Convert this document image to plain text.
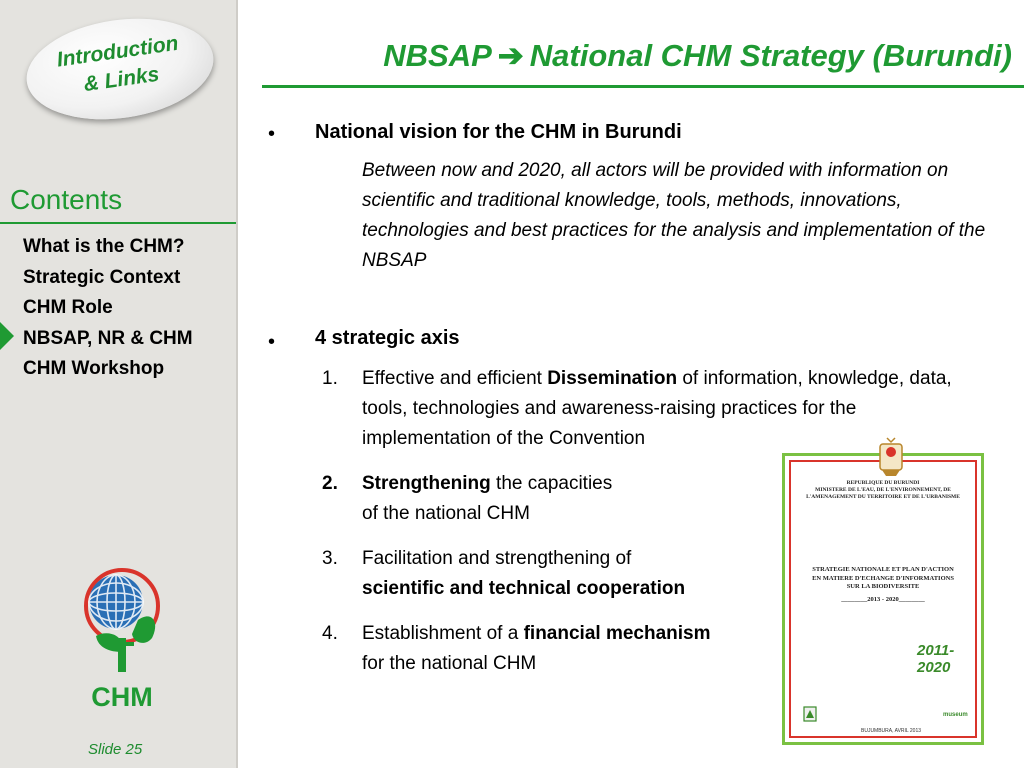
Introduction
& Links
Contents
What is the CHM?
Strategic Context
CHM Role
NBSAP, NR & CHM
CHM Workshop
CHM
Slide 25
NBSAP ➔ National CHM Strategy (Burundi)
• National vision for the CHM in Burundi

Between now and 2020, all actors will be provided with information on scientific and traditional knowledge, tools, methods, innovations, technologies and best practices for the analysis and implementation of the NBSAP

• 4 strategic axis
1. Effective and efficient Dissemination of information, knowledge, data, tools, technologies and awareness-raising practices for the implementation of the Convention
2. Strengthening the capacities
of the national CHM
3. Facilitation and strengthening of
scientific and technical cooperation
4. Establishment of a financial mechanism
for the national CHM
REPUBLIQUE DU BURUNDI
MINISTERE DE L'EAU, DE L'ENVIRONNEMENT, DE
L'AMENAGEMENT DU TERRITOIRE ET DE L'URBANISME
STRATEGIE NATIONALE ET PLAN D'ACTION
EN MATIERE D'ECHANGE D'INFORMATIONS
SUR LA BIODIVERSITE
________2013 - 2020________
2011-2020
museum
BUJUMBURA, AVRIL 2013
